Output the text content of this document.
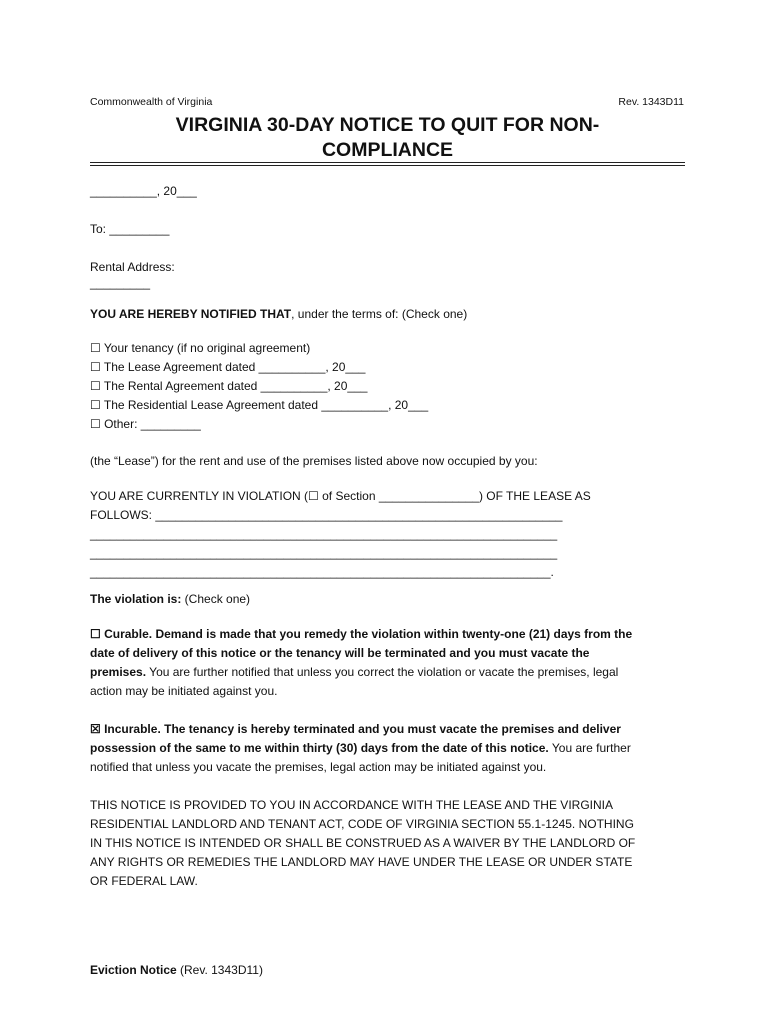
Commonwealth of Virginia	Rev. 1343D11
VIRGINIA 30-DAY NOTICE TO QUIT FOR NON-
COMPLIANCE
__________, 20___
To: _________
Rental Address:
_________
YOU ARE HEREBY NOTIFIED THAT, under the terms of: (Check one)
☐ Your tenancy (if no original agreement)
☐ The Lease Agreement dated __________, 20___
☐ The Rental Agreement dated __________, 20___
☐ The Residential Lease Agreement dated __________, 20___
☐ Other: _________
(the “Lease”) for the rent and use of the premises listed above now occupied by you:
YOU ARE CURRENTLY IN VIOLATION (☐ of Section _______________) OF THE LEASE AS
FOLLOWS: _____________________________________________________________
______________________________________________________________________
______________________________________________________________________
_____________________________________________________________________.
The violation is: (Check one)
☐ Curable. Demand is made that you remedy the violation within twenty-one (21) days from the
date of delivery of this notice or the tenancy will be terminated and you must vacate the
premises. You are further notified that unless you correct the violation or vacate the premises, legal
action may be initiated against you.
☒ Incurable. The tenancy is hereby terminated and you must vacate the premises and deliver
possession of the same to me within thirty (30) days from the date of this notice. You are further
notified that unless you vacate the premises, legal action may be initiated against you.
THIS NOTICE IS PROVIDED TO YOU IN ACCORDANCE WITH THE LEASE AND THE VIRGINIA
RESIDENTIAL LANDLORD AND TENANT ACT, CODE OF VIRGINIA SECTION 55.1-1245. NOTHING
IN THIS NOTICE IS INTENDED OR SHALL BE CONSTRUED AS A WAIVER BY THE LANDLORD OF
ANY RIGHTS OR REMEDIES THE LANDLORD MAY HAVE UNDER THE LEASE OR UNDER STATE
OR FEDERAL LAW.
Eviction Notice (Rev. 1343D11)
